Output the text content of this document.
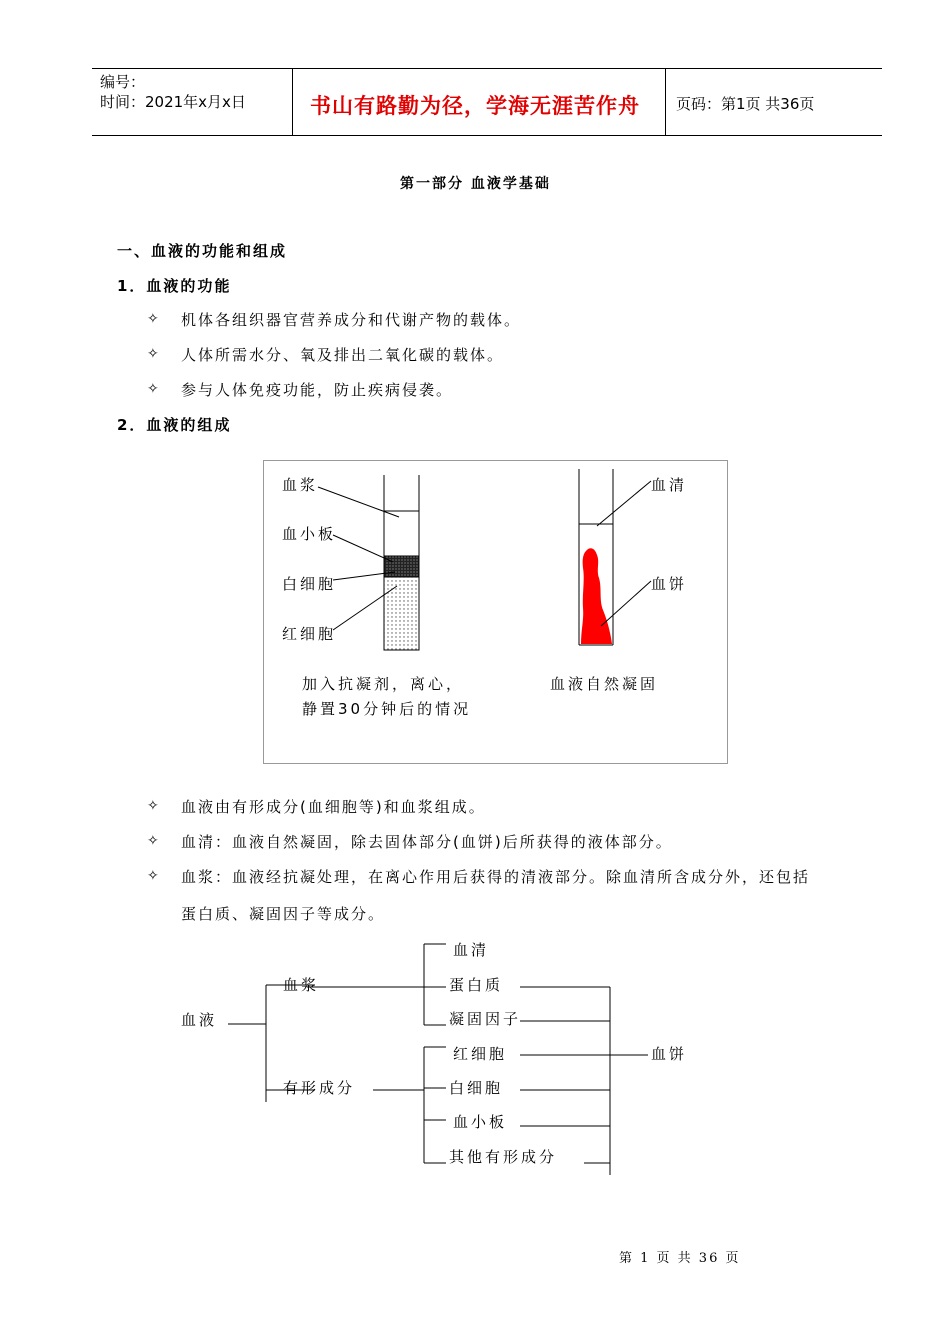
编号：
时间：2021年x月x日	书山有路勤为径，学海无涯苦作舟 页码：第1页 共36页
第一部分 血液学基础
一、血液的功能和组成
1．血液的功能
✧ 机体各组织器官营养成分和代谢产物的载体。
✧ 人体所需水分、氧及排出二氧化碳的载体。
✧ 参与人体免疫功能，防止疾病侵袭。
2．血液的组成
血浆
血小板
白细胞
红细胞
血清
血饼
加入抗凝剂，离心，
静置30分钟后的情况
血液自然凝固
✧ 血液由有形成分(血细胞等)和血浆组成。
✧ 血清：血液自然凝固，除去固体部分(血饼)后所获得的液体部分。
✧ 血浆：血液经抗凝处理，在离心作用后获得的清液部分。除血清所含成分外，还包括
蛋白质、凝固因子等成分。
血液
血浆
有形成分
血清
蛋白质
凝固因子
红细胞
白细胞
血小板
其他有形成分
血饼
第 1 页 共 36 页
